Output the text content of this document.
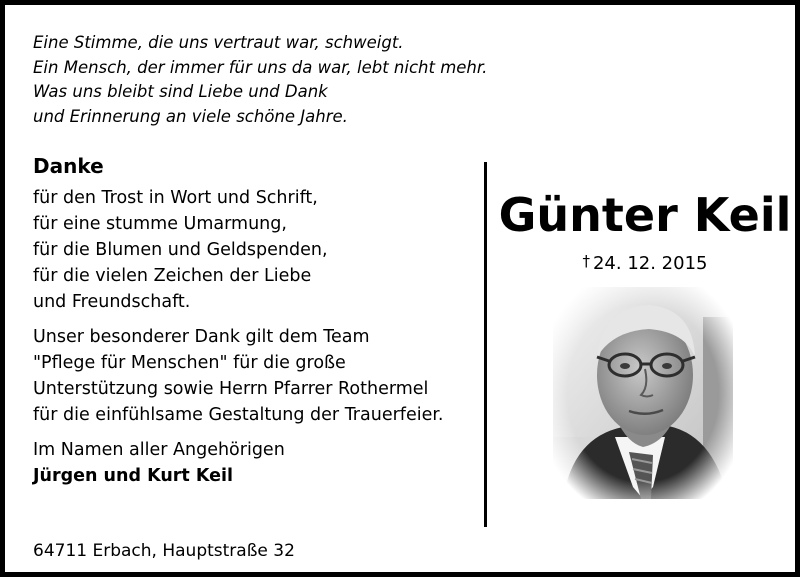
Eine Stimme, die uns vertraut war, schweigt.
Ein Mensch, der immer für uns da war, lebt nicht mehr.
Was uns bleibt sind Liebe und Dank
und Erinnerung an viele schöne Jahre.
Danke
für den Trost in Wort und Schrift,
für eine stumme Umarmung,
für die Blumen und Geldspenden,
für die vielen Zeichen der Liebe
und Freundschaft.
Unser besonderer Dank gilt dem Team
"Pflege für Menschen" für die große
Unterstützung sowie Herrn Pfarrer Rothermel
für die einfühlsame Gestaltung der Trauerfeier.
Im Namen aller Angehörigen
Jürgen und Kurt Keil
Günter Keil
† 24. 12. 2015
64711 Erbach, Hauptstraße 32
